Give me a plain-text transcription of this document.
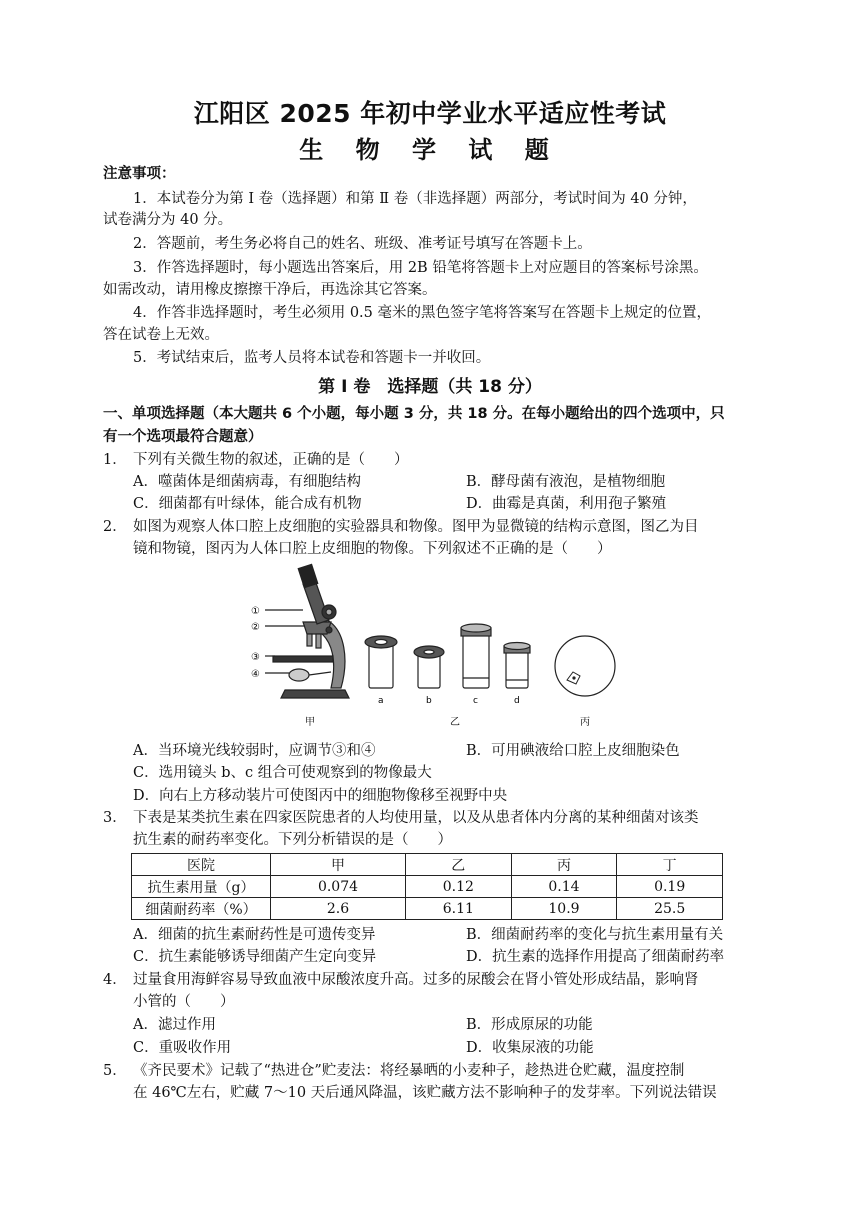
江阳区 2025 年初中学业水平适应性考试
生 物 学 试 题
注意事项：
1．本试卷分为第 Ⅰ 卷（选择题）和第 Ⅱ 卷（非选择题）两部分，考试时间为 40 分钟，
试卷满分为 40 分。
2．答题前，考生务必将自己的姓名、班级、准考证号填写在答题卡上。
3．作答选择题时，每小题选出答案后，用 2B 铅笔将答题卡上对应题目的答案标号涂黑。
如需改动，请用橡皮擦擦干净后，再选涂其它答案。
4．作答非选择题时，考生必须用 0.5 毫米的黑色签字笔将答案写在答题卡上规定的位置，
答在试卷上无效。
5．考试结束后，监考人员将本试卷和答题卡一并收回。
第 Ⅰ 卷　选择题（共 18 分）
一、单项选择题（本大题共 6 个小题，每小题 3 分，共 18 分。在每小题给出的四个选项中，只
有一个选项最符合题意）
1． 下列有关微生物的叙述，正确的是（　　）
A．噬菌体是细菌病毒，有细胞结构	B．酵母菌有液泡，是植物细胞
C．细菌都有叶绿体，能合成有机物	D．曲霉是真菌，利用孢子繁殖
2． 如图为观察人体口腔上皮细胞的实验器具和物像。图甲为显微镜的结构示意图，图乙为目
镜和物镜，图丙为人体口腔上皮细胞的物像。下列叙述不正确的是（　　）
①
②
③
④
a	b	c	d
甲	乙	丙
A．当环境光线较弱时，应调节③和④	B．可用碘液给口腔上皮细胞染色
C．选用镜头 b、c 组合可使观察到的物像最大
D．向右上方移动装片可使图丙中的细胞物像移至视野中央
3． 下表是某类抗生素在四家医院患者的人均使用量，以及从患者体内分离的某种细菌对该类
抗生素的耐药率变化。下列分析错误的是（　　）
医院	甲	乙	丙	丁
抗生素用量（g）	0.074	0.12	0.14	0.19
细菌耐药率（%）	2.6	6.11	10.9	25.5
A．细菌的抗生素耐药性是可遗传变异	B．细菌耐药率的变化与抗生素用量有关
C．抗生素能够诱导细菌产生定向变异	D．抗生素的选择作用提高了细菌耐药率
4． 过量食用海鲜容易导致血液中尿酸浓度升高。过多的尿酸会在肾小管处形成结晶，影响肾
小管的（　　）
A．滤过作用	B．形成原尿的功能
C．重吸收作用	D．收集尿液的功能
5． 《齐民要术》记载了“热进仓”贮麦法：将经暴晒的小麦种子，趁热进仓贮藏，温度控制
在 46℃左右，贮藏 7～10 天后通风降温，该贮藏方法不影响种子的发芽率。下列说法错误
